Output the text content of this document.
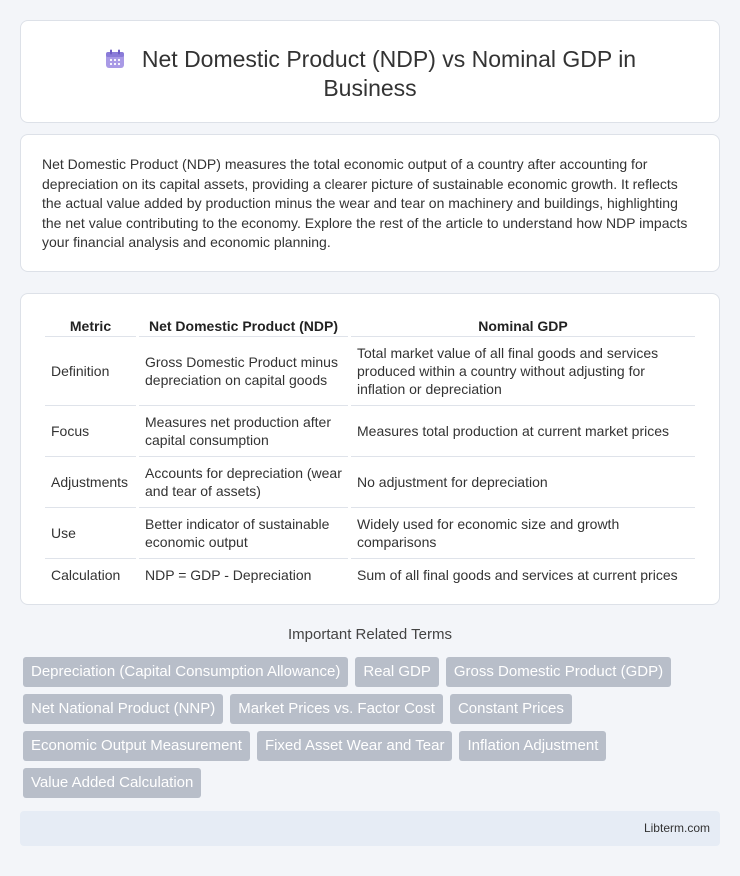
Net Domestic Product (NDP) vs Nominal GDP in Business

Net Domestic Product (NDP) measures the total economic output of a country after accounting for depreciation on its capital assets, providing a clearer picture of sustainable economic growth. It reflects the actual value added by production minus the wear and tear on machinery and buildings, highlighting the net value contributing to the economy. Explore the rest of the article to understand how NDP impacts your financial analysis and economic planning.

Metric	Net Domestic Product (NDP)	Nominal GDP
Definition	Gross Domestic Product minus depreciation on capital goods	Total market value of all final goods and services produced within a country without adjusting for inflation or depreciation
Focus	Measures net production after capital consumption	Measures total production at current market prices
Adjustments	Accounts for depreciation (wear and tear of assets)	No adjustment for depreciation
Use	Better indicator of sustainable economic output	Widely used for economic size and growth comparisons
Calculation	NDP = GDP - Depreciation	Sum of all final goods and services at current prices
Important Related Terms
Depreciation (Capital Consumption Allowance)	Real GDP	Gross Domestic Product (GDP)
Net National Product (NNP)	Market Prices vs. Factor Cost	Constant Prices
Economic Output Measurement	Fixed Asset Wear and Tear	Inflation Adjustment
Value Added Calculation
Libterm.com
